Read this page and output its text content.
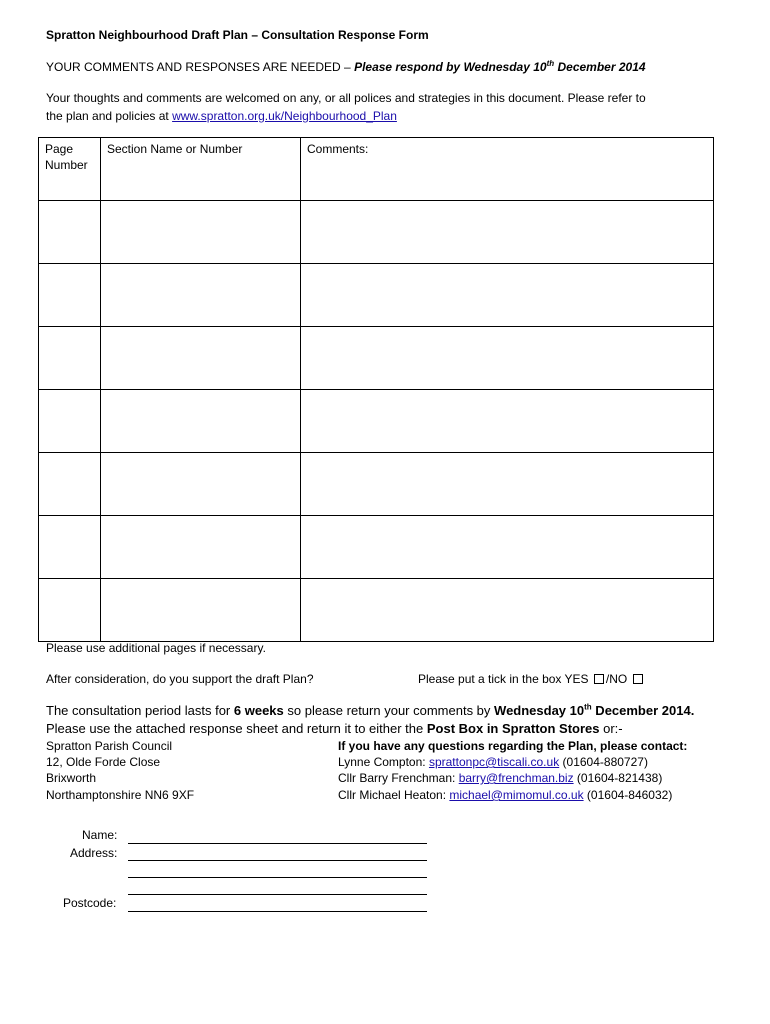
Spratton Neighbourhood Draft Plan – Consultation Response Form
YOUR COMMENTS AND RESPONSES ARE NEEDED – Please respond by Wednesday 10th December 2014
Your thoughts and comments are welcomed on any, or all polices and strategies in this document. Please refer to
the plan and policies at www.spratton.org.uk/Neighbourhood_Plan
Page Number	Section Name or Number	Comments:

Please use additional pages if necessary.
After consideration, do you support the draft Plan?	Please put a tick in the box YES /NO
The consultation period lasts for 6 weeks so please return your comments by Wednesday 10th December 2014.
Please use the attached response sheet and return it to either the Post Box in Spratton Stores or:-
Spratton Parish Council
12, Olde Forde Close
Brixworth
Northamptonshire NN6 9XF
If you have any questions regarding the Plan, please contact:
Lynne Compton: sprattonpc@tiscali.co.uk (01604-880727)
Cllr Barry Frenchman: barry@frenchman.biz (01604-821438)
Cllr Michael Heaton: michael@mimomul.co.uk (01604-846032)
Name:
Address:
Postcode:
